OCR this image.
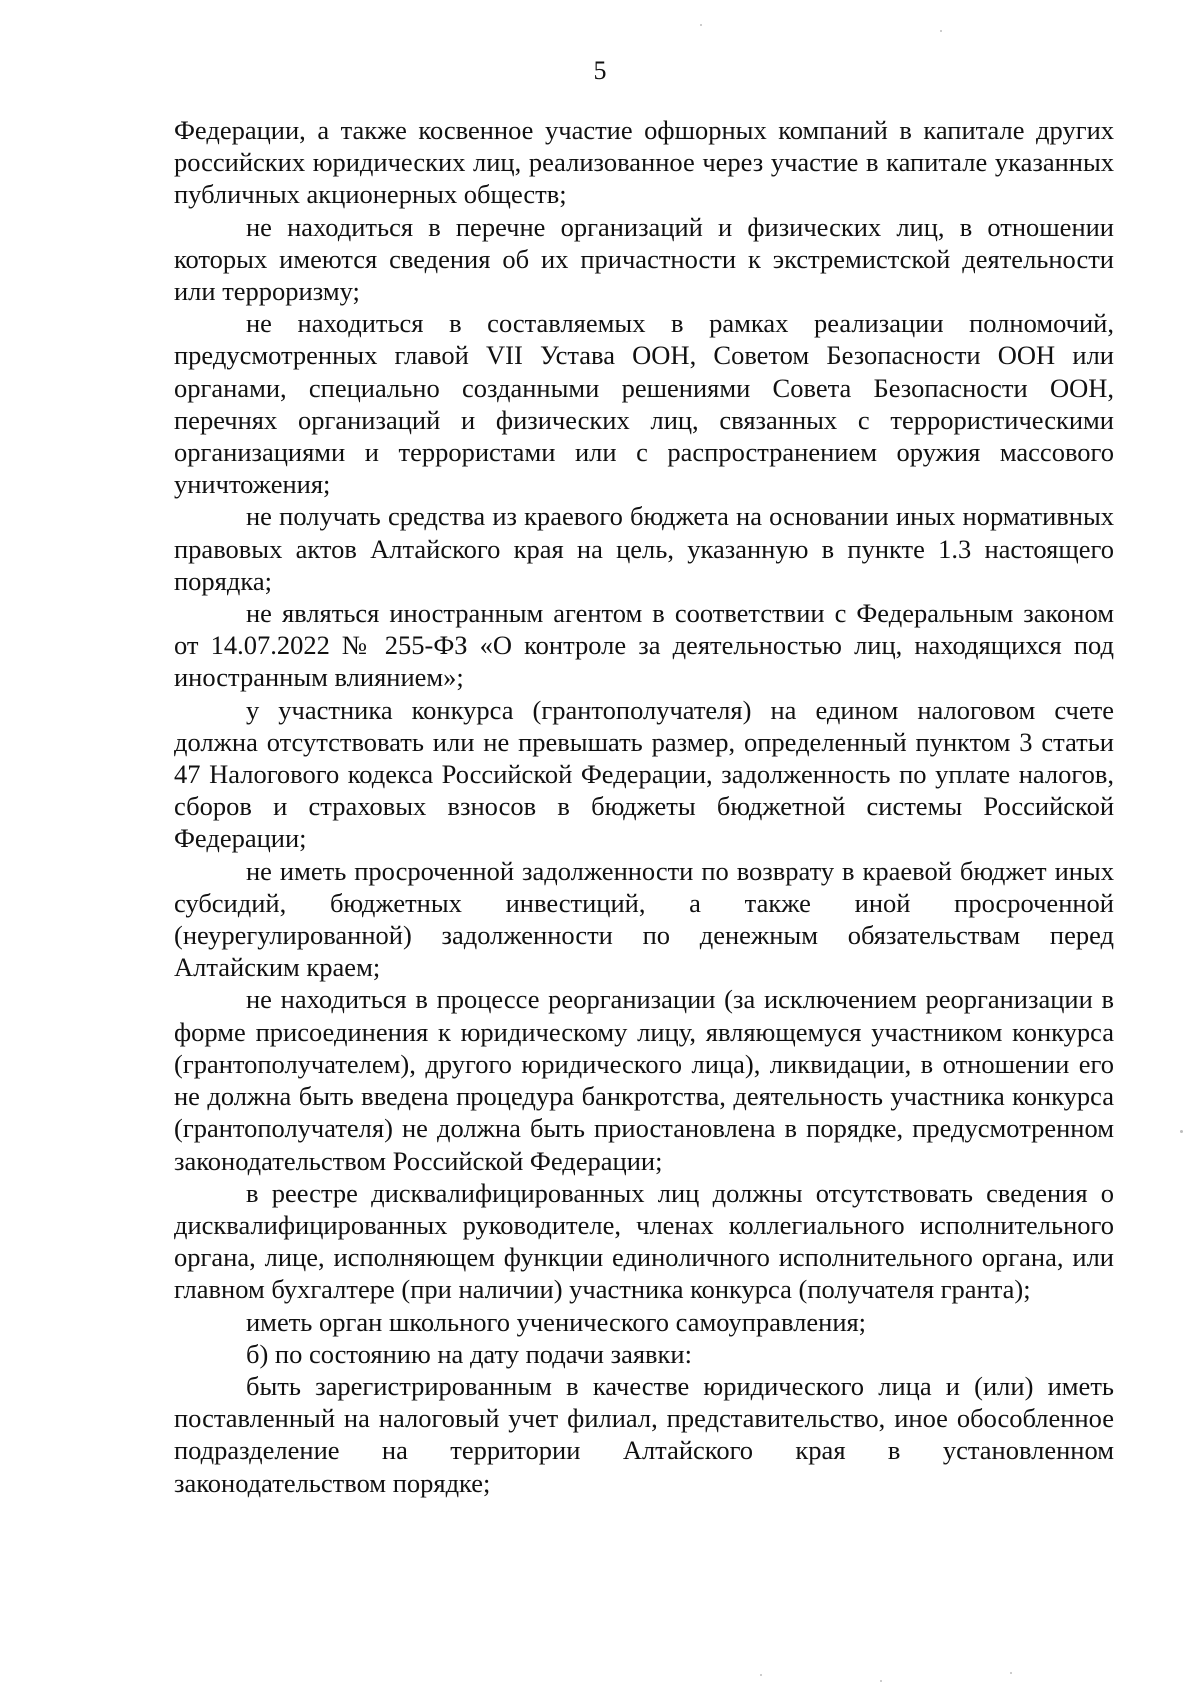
5

Федерации, а также косвенное участие офшорных компаний в капитале других российских юридических лиц, реализованное через участие в капитале указанных публичных акционерных обществ;

не находиться в перечне организаций и физических лиц, в отношении которых имеются сведения об их причастности к экстремистской деятельности или терроризму;

не находиться в составляемых в рамках реализации полномочий, предусмотренных главой VII Устава ООН, Советом Безопасности ООН или органами, специально созданными решениями Совета Безопасности ООН, перечнях организаций и физических лиц, связанных с террористическими организациями и террористами или с распространением оружия массового уничтожения;

не получать средства из краевого бюджета на основании иных нормативных правовых актов Алтайского края на цель, указанную в пункте 1.3 настоящего порядка;

не являться иностранным агентом в соответствии с Федеральным законом от 14.07.2022 № 255-ФЗ «О контроле за деятельностью лиц, находящихся под иностранным влиянием»;

у участника конкурса (грантополучателя) на едином налоговом счете должна отсутствовать или не превышать размер, определенный пунктом 3 статьи 47 Налогового кодекса Российской Федерации, задолженность по уплате налогов, сборов и страховых взносов в бюджеты бюджетной системы Российской Федерации;

не иметь просроченной задолженности по возврату в краевой бюджет иных субсидий, бюджетных инвестиций, а также иной просроченной (неурегулированной) задолженности по денежным обязательствам перед Алтайским краем;

не находиться в процессе реорганизации (за исключением реорганизации в форме присоединения к юридическому лицу, являющемуся участником конкурса (грантополучателем), другого юридического лица), ликвидации, в отношении его не должна быть введена процедура банкротства, деятельность участника конкурса (грантополучателя) не должна быть приостановлена в порядке, предусмотренном законодательством Российской Федерации;

в реестре дисквалифицированных лиц должны отсутствовать сведения о дисквалифицированных руководителе, членах коллегиального исполнительного органа, лице, исполняющем функции единоличного исполнительного органа, или главном бухгалтере (при наличии) участника конкурса (получателя гранта);

иметь орган школьного ученического самоуправления;

б) по состоянию на дату подачи заявки:

быть зарегистрированным в качестве юридического лица и (или) иметь поставленный на налоговый учет филиал, представительство, иное обособленное подразделение на территории Алтайского края в установленном законодательством порядке;
